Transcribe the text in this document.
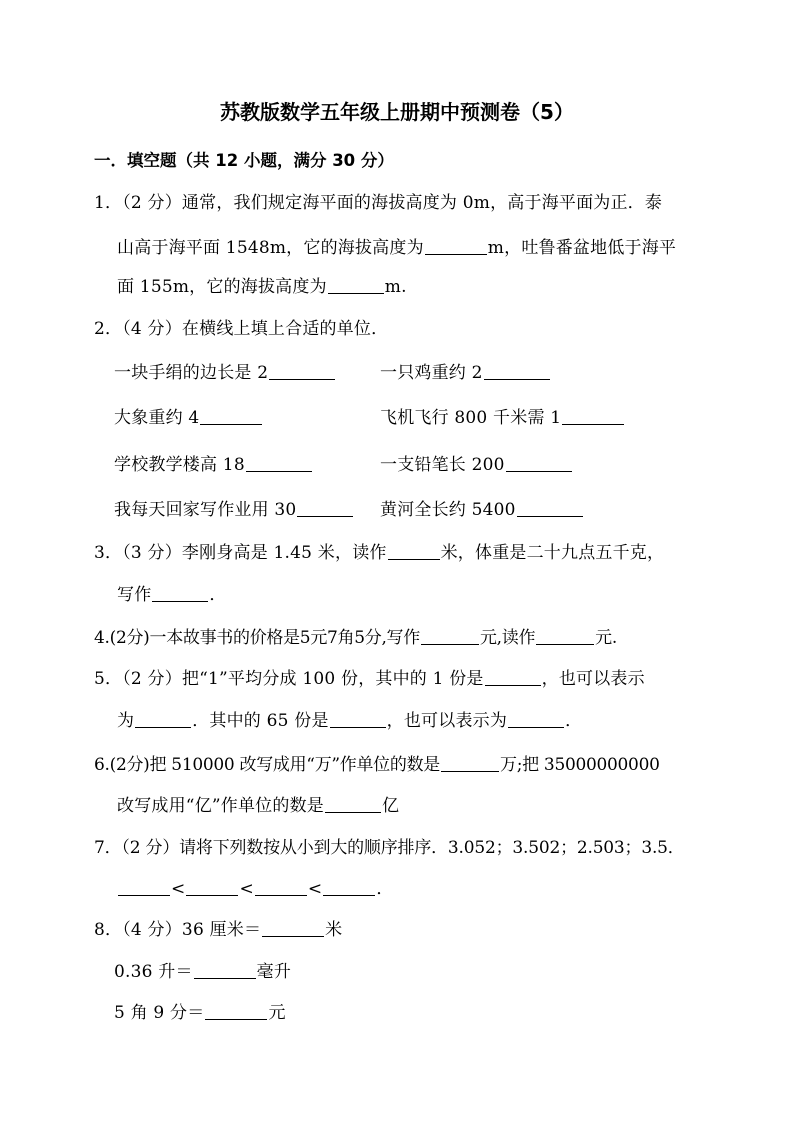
苏教版数学五年级上册期中预测卷（5）
一．填空题（共 12 小题，满分 30 分）
1．（2 分）通常，我们规定海平面的海拔高度为 0m，高于海平面为正．泰
山高于海平面 1548m，它的海拔高度为	m，吐鲁番盆地低于海平
面 155m，它的海拔高度为	m.
2．（4 分）在横线上填上合适的单位．
一块手绢的边长是 2	一只鸡重约 2
大象重约 4	飞机飞行 800 千米需 1
学校教学楼高 18	一支铅笔长 200
我每天回家写作业用 30	黄河全长约 5400
3．（3 分）李刚身高是 1.45 米，读作	米，体重是二十九点五千克，
写作	．
4.(2分)一本故事书的价格是5元7角5分,写作	元,读作	元.
5．（2 分）把“1”平均分成 100 份，其中的 1 份是	，也可以表示
为	．其中的 65 份是	，也可以表示为	．
6.(2分)把 510000 改写成用“万”作单位的数是	万;把 35000000000
改写成用“亿”作单位的数是	亿
7．（2 分）请将下列数按从小到大的顺序排序．3.052；3.502；2.503；3.5．
<	<	<	．
8．（4 分）36 厘米＝	米
0.36 升＝	毫升
5 角 9 分＝	元
